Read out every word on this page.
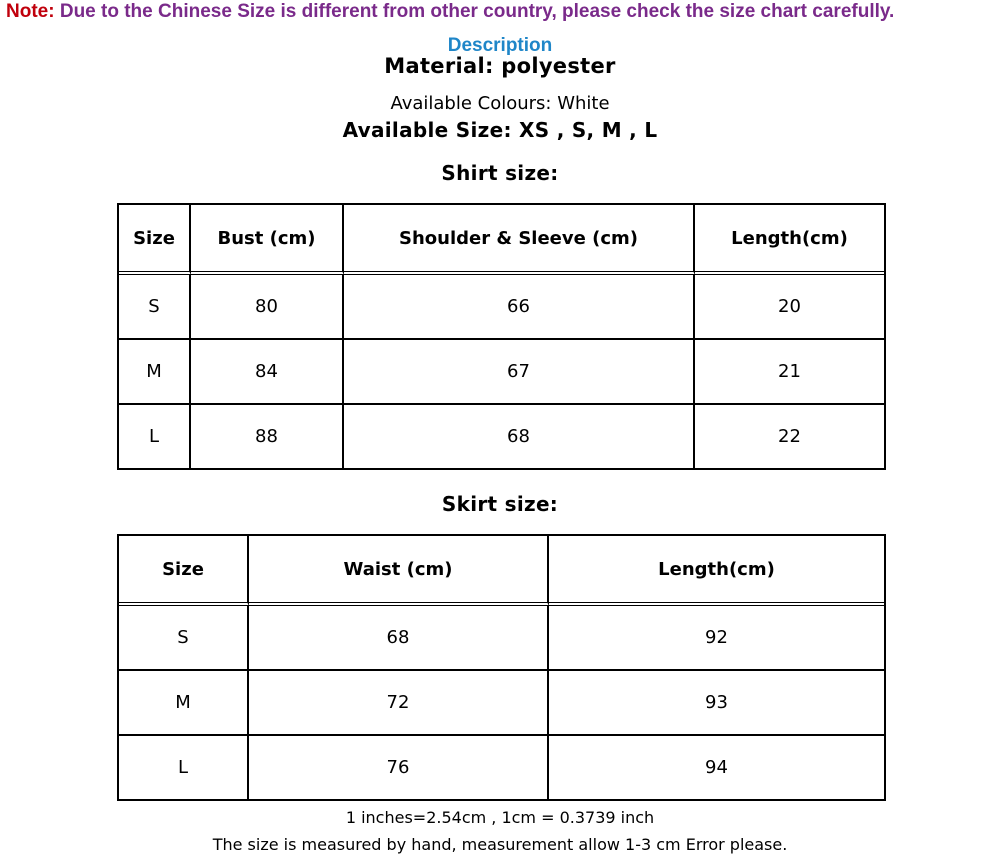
Note: Due to the Chinese Size is different from other country, please check the size chart carefully.
Description
Material: polyester
Available Colours: White
Available Size: XS , S, M , L
Shirt size:
Size	Bust (cm)	Shoulder & Sleeve (cm)	Length(cm)
S	80	66	20
M	84	67	21
L	88	68	22
Skirt size:
Size	Waist (cm)	Length(cm)
S	68	92
M	72	93
L	76	94
1 inches=2.54cm , 1cm = 0.3739 inch
The size is measured by hand, measurement allow 1-3 cm Error please.
